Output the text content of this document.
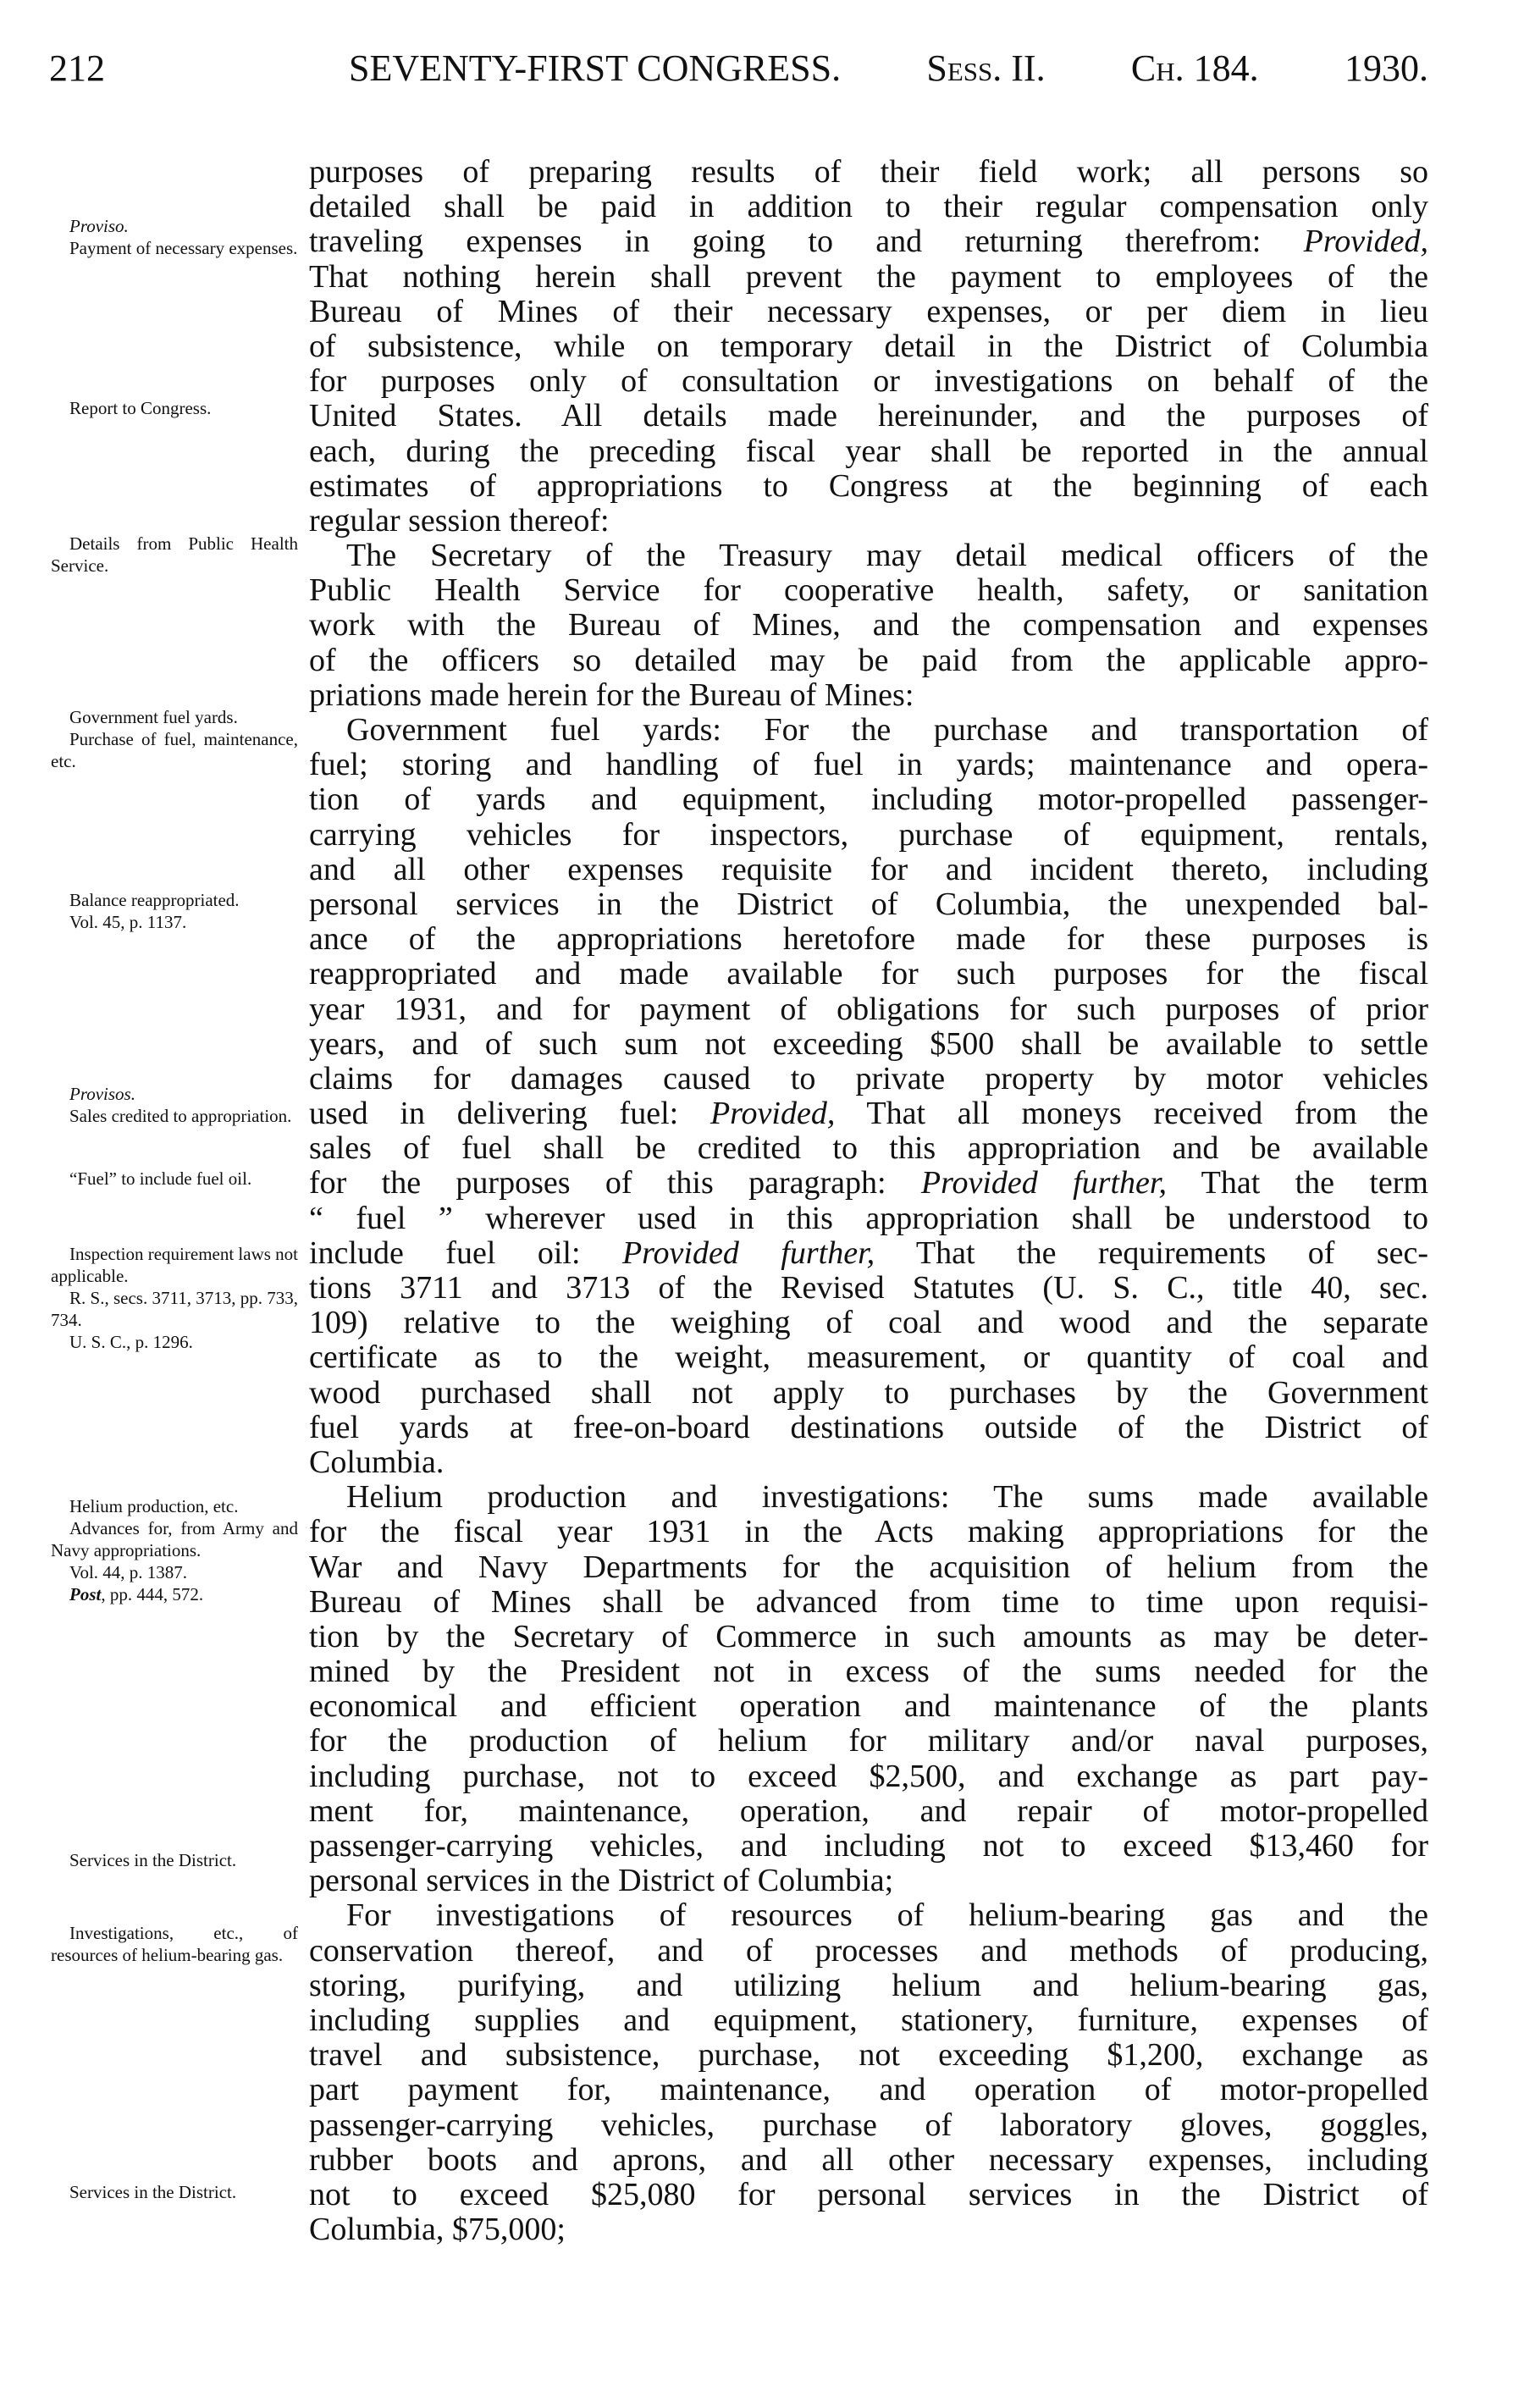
212	SEVENTY-FIRST CONGRESS. Sess. II. Ch. 184. 1930.

Proviso.

Payment of necessary expenses.

Report to Congress.

Details from Public Health Service.

Government fuel yards.

Purchase of fuel, maintenance, etc.

Balance reappropriated.

Vol. 45, p. 1137.

Provisos.

Sales credited to appropriation.

“Fuel” to include fuel oil.

Inspection requirement laws not applicable.

R. S., secs. 3711, 3713, pp. 733, 734.

U. S. C., p. 1296.

Helium production, etc.

Advances for, from Army and Navy appropriations.

Vol. 44, p. 1387.

Post, pp. 444, 572.

Services in the District.

Investigations, etc., of resources of helium-bearing gas.

Services in the District.

purposes of preparing results of their field work; all persons so
detailed shall be paid in addition to their regular compensation only
traveling expenses in going to and returning therefrom: Provided,
That nothing herein shall prevent the payment to employees of the
Bureau of Mines of their necessary expenses, or per diem in lieu
of subsistence, while on temporary detail in the District of Columbia
for purposes only of consultation or investigations on behalf of the
United States. All details made hereinunder, and the purposes of
each, during the preceding fiscal year shall be reported in the annual
estimates of appropriations to Congress at the beginning of each
regular session thereof:
The Secretary of the Treasury may detail medical officers of the
Public Health Service for cooperative health, safety, or sanitation
work with the Bureau of Mines, and the compensation and expenses
of the officers so detailed may be paid from the applicable appro-
priations made herein for the Bureau of Mines:
Government fuel yards: For the purchase and transportation of
fuel; storing and handling of fuel in yards; maintenance and opera-
tion of yards and equipment, including motor-propelled passenger-
carrying vehicles for inspectors, purchase of equipment, rentals,
and all other expenses requisite for and incident thereto, including
personal services in the District of Columbia, the unexpended bal-
ance of the appropriations heretofore made for these purposes is
reappropriated and made available for such purposes for the fiscal
year 1931, and for payment of obligations for such purposes of prior
years, and of such sum not exceeding $500 shall be available to settle
claims for damages caused to private property by motor vehicles
used in delivering fuel: Provided, That all moneys received from the
sales of fuel shall be credited to this appropriation and be available
for the purposes of this paragraph: Provided further, That the term
“ fuel ” wherever used in this appropriation shall be understood to
include fuel oil: Provided further, That the requirements of sec-
tions 3711 and 3713 of the Revised Statutes (U. S. C., title 40, sec.
109) relative to the weighing of coal and wood and the separate
certificate as to the weight, measurement, or quantity of coal and
wood purchased shall not apply to purchases by the Government
fuel yards at free-on-board destinations outside of the District of
Columbia.
Helium production and investigations: The sums made available
for the fiscal year 1931 in the Acts making appropriations for the
War and Navy Departments for the acquisition of helium from the
Bureau of Mines shall be advanced from time to time upon requisi-
tion by the Secretary of Commerce in such amounts as may be deter-
mined by the President not in excess of the sums needed for the
economical and efficient operation and maintenance of the plants
for the production of helium for military and/or naval purposes,
including purchase, not to exceed $2,500, and exchange as part pay-
ment for, maintenance, operation, and repair of motor-propelled
passenger-carrying vehicles, and including not to exceed $13,460 for
personal services in the District of Columbia;
For investigations of resources of helium-bearing gas and the
conservation thereof, and of processes and methods of producing,
storing, purifying, and utilizing helium and helium-bearing gas,
including supplies and equipment, stationery, furniture, expenses of
travel and subsistence, purchase, not exceeding $1,200, exchange as
part payment for, maintenance, and operation of motor-propelled
passenger-carrying vehicles, purchase of laboratory gloves, goggles,
rubber boots and aprons, and all other necessary expenses, including
not to exceed $25,080 for personal services in the District of
Columbia, $75,000;
